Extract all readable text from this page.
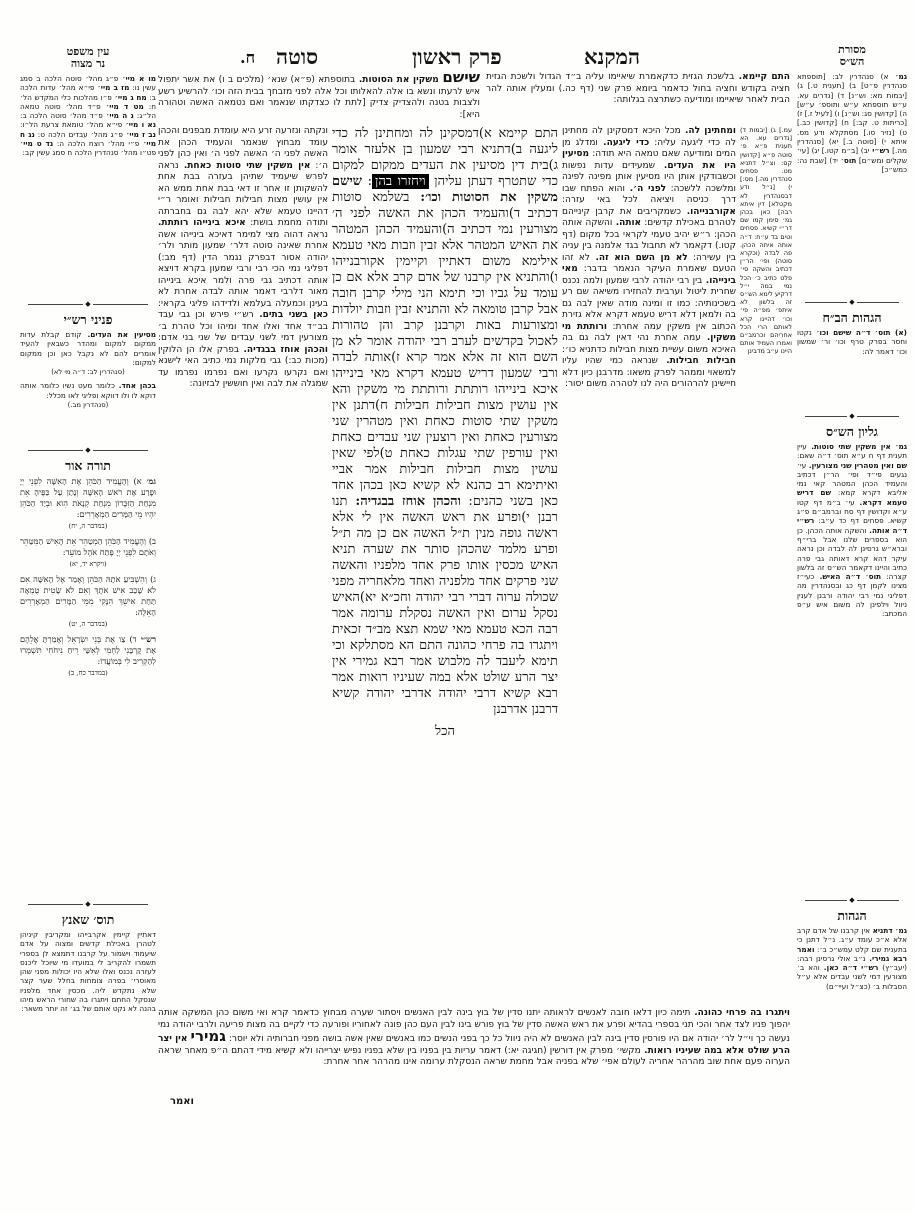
ח. סוטה	פרק ראשון	המקנא
עין משפט
נר מצוה
מו א מיי׳ פ״ג מהל׳ סוטה הלכה ב סמג עשין נו: מז ב מיי׳ פי״א מהל׳ עדות הלכה ב: מח ג מיי׳ פ״ו מהלכות כלי המקדש הל׳ ח: מט ד מיי׳ פ״ד מהל׳ סוטה טמאה הל״ג: נ ה מיי׳ פ״ד מהל׳ סוטה הלכה ב: נא ו מיי׳ פי״א מהל׳ טומאת צרעת הל״ו: נב ז מיי׳ פ״ג מהל׳ עבדים הלכה ט: נג ח מיי׳ פ״י מהל׳ רוצח הלכה ה: נד ט מיי׳ פט״ו מהל׳ סנהדרין הלכה ח סמג עשין קב:
◆
פניני רש״י
מסיעין את העדים. קודם קבלת עדות ממקום למקום ומהדר כשבאין להעיד אומרים להם לא נקבל כאן וכן ממקום למקום:
(סנהדרין לב: ד״ה מי לא)
בכהן אחד. כלומר מעט נשיו כלומר אותה דוקא לו ולו דווקא ופליגי לאו מכלל:
(סנהדרין מב.)
◆
תורה אור
גמ׳ א) וְהֶעֱמִיד הַכֹּהֵן אֶת הָאִשָּׁה לִפְנֵי יְיָ וּפָרַע אֶת רֹאשׁ הָאִשָּׁה וְנָתַן עַל כַּפֶּיהָ אֵת מִנְחַת הַזִּכָּרוֹן מִנְחַת קְנָאֹת הִוא וּבְיַד הַכֹּהֵן יִהְיוּ מֵי הַמָּרִים הַמְאָרְרִים:
(במדבר ה, יח)
ב) וְהֶעֱמִיד הַכֹּהֵן הַמְטַהֵר אֵת הָאִישׁ הַמִּטַּהֵר וְאֹתָם לִפְנֵי יְיָ פֶּתַח אֹהֶל מוֹעֵד:
(ויקרא יד, יא)
ג) וְהִשְׁבִּיעַ אֹתָהּ הַכֹּהֵן וְאָמַר אֶל הָאִשָּׁה אִם לֹא שָׁכַב אִישׁ אֹתָךְ וְאִם לֹא שָׂטִית טֻמְאָה תַּחַת אִישֵׁךְ הִנָּקִי מִמֵּי הַמָּרִים הַמְאָרְרִים הָאֵלֶּה:
(במדבר ה, יט)
רש״י ד) צַו אֶת בְּנֵי יִשְׂרָאֵל וְאָמַרְתָּ אֲלֵהֶם אֶת קָרְבָּנִי לַחְמִי לְאִשַּׁי רֵיחַ נִיחֹחִי תִּשְׁמְרוּ לְהַקְרִיב לִי בְּמוֹעֲדוֹ:
(במדבר כח, ב)
◆
תוס׳ שאנץ
דאתיין קיימין אקרבייהו ומקריבין קיניהן לטהרן באכילת קדשים ומצוה על אדם שיעמוד וישמור על קרבנו דתמצא לן בספרי תשמרו להקריב לי במועדו מי שיוכל ליכנס לעזרה נכנס ואלו שלא היו יכולות מפני שהן מאוסרי׳ בפרה צומחות בחלל שער קצר שלא נתקדש ליה. מכסין אחד מלפניו שנסקל החתם ויתגרו בה שחורי הראש מיהו בהנה לא נקט אותם של בג׳ זה יותר משאר:
שישם משקין את הסוטות. בתוספתא (פ״א) שנא׳ (מלכים ב ו) את אשר יתפול איש לרעתו ונשא בו אלה להאלותו וכל אלה לפני מזבחך בבית הזה וכו׳ להרשיע רשע ולצבות בטנה ולהצדיק צדיק [לתת לו כצדקתו שנאמר ואם נטמאה האשה וטהורה היא]:
התם קיימא. בלשכת הגזית כדקאמרת שיאיימו עליה ב״ד הגדול ולשכת הגזית חציה בקודש וחציה בחול כדאמר ביומא פרק שני (דף כה.) ומעלין אותה להר הבית לאחר שיאיימו ומודיעה כשתרצה בגלותה:
ונקתה ונזרעה זרע היא עומדת מבפנים והכהן עומד מבחוץ שנאמר והעמיד הכהן את האשה לפני ה׳ האשה לפני ה׳ ואין כהן לפני ה׳: אין משקין שתי סוטות כאחת. נראה לפרש שיעמיד שתיהן בעזרה בבת אחת להשקותן זו אחר זו דאי בבת אחת ממש הא אין עושין מצות חבילות חבילות ואומר ר״י דהיינו טעמא שלא יהא לבה גם בחברתה ותודה מחמת בושת: איכא בינייהו רותתת. נראה דהוה מצי למימר דאיכא בינייהו אשה אחרת שאינה סוטה דלר׳ שמעון מותר ולר׳ יהודה אסור דבפרק נגמר הדין (דף מב:) דפליגי נמי הכי רבי ורבי שמעון בקרא דויצא אותה דכתיב גבי פרה ולמר איכא בינייהו מאור דלרבי דאמר אותה לבדה אחרת לא בעינן וכמעלה בעלמא ולדידהו פליגי בקראי: כאן בשני בתים. רש״י פירש וכן גבי עבד בב״ד אחד ואלו אחד ומיהו וכל טהרת ב׳ מצורעין דמי לשני עבדים של שני בני אדם: והכהן אוחז בבגדיה. בפרק אלו הן הלוקין (מכות כב:) גבי מלקות נמי כתיב האי לישנא ואם נקרעו נקרעו ואם נפרמו נפרמו עד שמגלה את לבה ואין חוששין לבזיונה:
התם קיימא א)דמסקינן לה ומחתינן לה כדי ליגעה ב)דתניא רבי שמעון בן אלעזר אומר ג)בית דין מסיעין את העדים ממקום למקום כדי שתטרף דעתן עליהן ויחזרו בהן: שישם משקין את הסוטות וכו׳: בשלמא סוטות דכתיב ד)והעמיד הכהן את האשה לפני ה׳ מצורעין נמי דכתיב ה)והעמיד הכהן המטהר את האיש המטהר אלא זבין וזבות מאי טעמא אילימא משום דאתיין וקיימין אקורבנייהו ו)והתניא אין קרבנו של אדם קרב אלא אם כן עומד על גביו וכי תימא הני מילי קרבן חובה אבל קרבן טומאה לא והתניא זבין וזבות יולדות ומצורעות באות וקרבנן קרב והן טהורות לאכול בקדשים לערב רבי יהודה אומר לא מן השם הוא זה אלא אמר קרא ז)אותה לבדה ורבי שמעון דריש טעמא דקרא מאי בינייהו איכא בינייהו רותתת ורותתת מי משקין והא אין עושין מצות חבילות חבילות ח)דתנן אין משקין שתי סוטות כאחת ואין מטהרין שני מצורעין כאחת ואין רוצעין שני עבדים כאחת ואין עורפין שתי עגלות כאחת ט)לפי שאין עושין מצות חבילות חבילות אמר אביי ואיתימא רב כהנא לא קשיא כאן בכהן אחד כאן בשני כהנים: והכהן אוחז בבגדיה: תנו רבנן י)ופרע את ראש האשה אין לי אלא ראשה גופה מנין ת״ל האשה אם כן מה ת״ל ופרע מלמד שהכהן סותר את שערה תניא האיש מכסין אותו פרק אחד מלפניו והאשה שני פרקים אחד מלפניה ואחד מלאחריה מפני שכולה ערוה דברי רבי יהודה וחכ״א יא)האיש נסקל ערום ואין האשה נסקלת ערומה אמר רבה הכא טעמא מאי שמא תצא מב״ד זכאית ויתגרו בה פרחי כהונה התם הא מסתלקא וכי תימא ליעבד לה מלבוש אמר רבא גמירי אין יצר הרע שולט אלא במה שעיניו רואות אמר רבא קשיא דרבי יהודה אדרבי יהודה קשיא דרבנן אדרבנן
הכל
ומחתינן לה. מכל היכא דמסקינן לה מחתינן לה כדי ליגעה עליה: כדי ליגעה. ומדלג מן המים ומודיעה שאם טמאה היא תודה: מסיעין היו את העדים. שמעידים עדות נפשות וכשבודקין אותן היו מסיעין אותן מפינה לפינה ומלשכה ללשכה: לפני ה׳. והוא הפתח שבו דרך כניסה ויציאה לכל באי עזרה: אקורבנייהו. כשמקריבים את קרבן קינייהם לטהרם באכילת קדשים: אותה. והשקה אותה הכהן: ר״ש יהיב טעמי לקראי בכל מקום (דף קטו.) דקאמר לא תחבול בגד אלמנה בין עניה בין עשירה: לא מן השם הוא זה. לא זהו הטעם שאמרת העיקר הנאמר בדבר: מאי בינייהו. בין רבי יהודה לרבי שמעון ולמה נכנס שחרית ליטול וערבית להחזירו משיאה שם רע בשכינותיה: כמו זו ומינה מודה שאין לבה גם בה ולמאן דלא דריש טעמא דקרא אלא גזירת הכתוב אין משקין עמה אחרת: ורותתת מי משקין. עמה אחרת נהי דאין לבה גם בה האיכא משום עשיית מצות חבילות כדתניא כו׳: חבילות חבילות. שנראה כמי שהיו עליו למשאוי וממהר לפרק משאו: מדרבנן כיון דלא חיישינן להרהורים היה לנו לטהרה משום יסור:
עמ.] ג) [יבמות ד) [נדרים עא. הא תענית פ״א פ׳ סוטה פ״א [קדושין קס: וצ״ל דתניא מט. פסחים סנהדרין מה.] מס:] י) [נ״ל ודע דבסנהדרין לא מקטלא] דין איתא רבה] כאן בכהן גמ׳ סימן קמו שם דר״י קשיא. פסחים וטים בד ע״ח: ד״ה אותה איתה הכהן. פה לבדה (וכקרא סוטה) ופי׳ הר״ן דכתיב והשקה סי׳ פלט כתיב כ׳ הכל נמי במה י״ל דרקיע לימא הש״ס זה בלשון לא איתפ׳ מפ״ה פי׳ וכו׳ דהיינו קרא לאותם הרי הכל אחריהם וכרמב״ם ואמרו העמיד אותם היינו ע״ב מדבינן
מסורת
הש״ס
גמ׳ א) סנהדרין לב: [תוספתא סנהדרין פ״ט] ב) [תענית ט.] ג) [יבמות מא: וש״נ] ד) [נדרים עא. ע״ש תוספתא ע״ש ותוספ׳ ע״ש] ה) [קדושין סג: וש״נ] ו) [לעיל ז.] ז) [כריתות ט. קב:] ח) [קדושין כב.] ט) [נזיר סו.] מסתקלא ודע מס. איתא י) [סוטה ב.] יא) [סנהדרין מה.] רש״י יב) [ב״מ קטו.] יג) [עי׳ שקלים ומש״ם] תוס׳ יד) [שבת נה: כמש״כ]
◆
הגהות הב״ח
(א) תוס׳ ד״ה שישם וכו׳ נקטו וחסר בפרק טרף וכו׳ ור׳ שמשון וכו׳ דאמר לה:
◆
גליון הש״ס
גמ׳ אין משקין שתי סוטות. עיין תענית דף ח ע״א תוס׳ ד״ה שאם: שם ואין מטהרין שני מצורעין. עי׳ נגעים פי״ד ופי׳ הר״ן דכתיב והעמיד הכהן המטהר קאי נמי אליבא דקרא קמא: שם דריש טעמא דקרא. עי׳ ב״מ דף קטו ע״א וקדושין דף סח וברמב״ם פ״ג קשיא. פסחים דף כד ע״ב: רש״י ד״ה אותה. והשקה אותה הכהן. כן הוא בספרים שלנו אבל ברי״ף וברא״ש גרסינן לה לבדה וכן נראה עיקר דהא קרא דאותה גבי פרה כתיב והיינו דקאמר הש״ס זה בלשון קצרה: תוס׳ ד״ה האיש. כעי״ז מצינו לקמן דף כג ובסנהדרין מה דפליגי נמי רבי יהודה ורבנן לענין ניוול וילפינן לה משום איש ע״פ המכתב:
◆
הגהות
גמ׳ דתניא אין קרבנו של אדם קרב אלא א״כ עומד ע״ג. נ״ל דתנן כי בתענית שם קלט עמש״כ ב׳: ואמר רבא גמירי. נ״ב אולי גרסינן רבה: (יעב״ץ) רש״י ד״ה כאן. והא ב׳ מצורעין דמי לשני עבדים אלא ע״ל הסבלות ב׳ (כצ״ל ועיי״ם)
ויתגרו בה פרחי כהונה. תימה כיון דלאו חובה לאנשים לראותה יתנו סדין של בוץ בינה לבין האנשים ויסתור שערה מבחוץ כדאמר קרא ואי משום כהן המשקה אותה יהפוך פניו לצד אחר והכי תני בספרי בהדיא ופרע את ראש האשה סדין של בוץ פורש בינו לבין העם כהן פונה לאחוריו ופורעה כדי לקיים בה מצות פריעה ולרבי יהודה נמי נעשה כך וי״ל לר׳ יהודה אם היו פורסין סדין בינה לבין האנשים לא היה ניוול כל כך בפני הנשים כמו באנשים שאין אשה בושה מפני חברותיה ולא יוסר: גמירי אין יצר הרע שולט אלא במה שעיניו רואות. מקשי׳ מפרק אין דורשין (חגיגה יא:) דאמר עריות בין בפניו בין שלא בפניו נפיש יצרייהו ולא קשיא מידי דהתם ה״פ מאחר שראה הערוה פעם אחת שוב מהרהר אחריה לעולם אפי׳ שלא בפניה אבל מחמת שראה הנסקלת ערומה אינו מהרהר אחר אחרת:
ואמר
